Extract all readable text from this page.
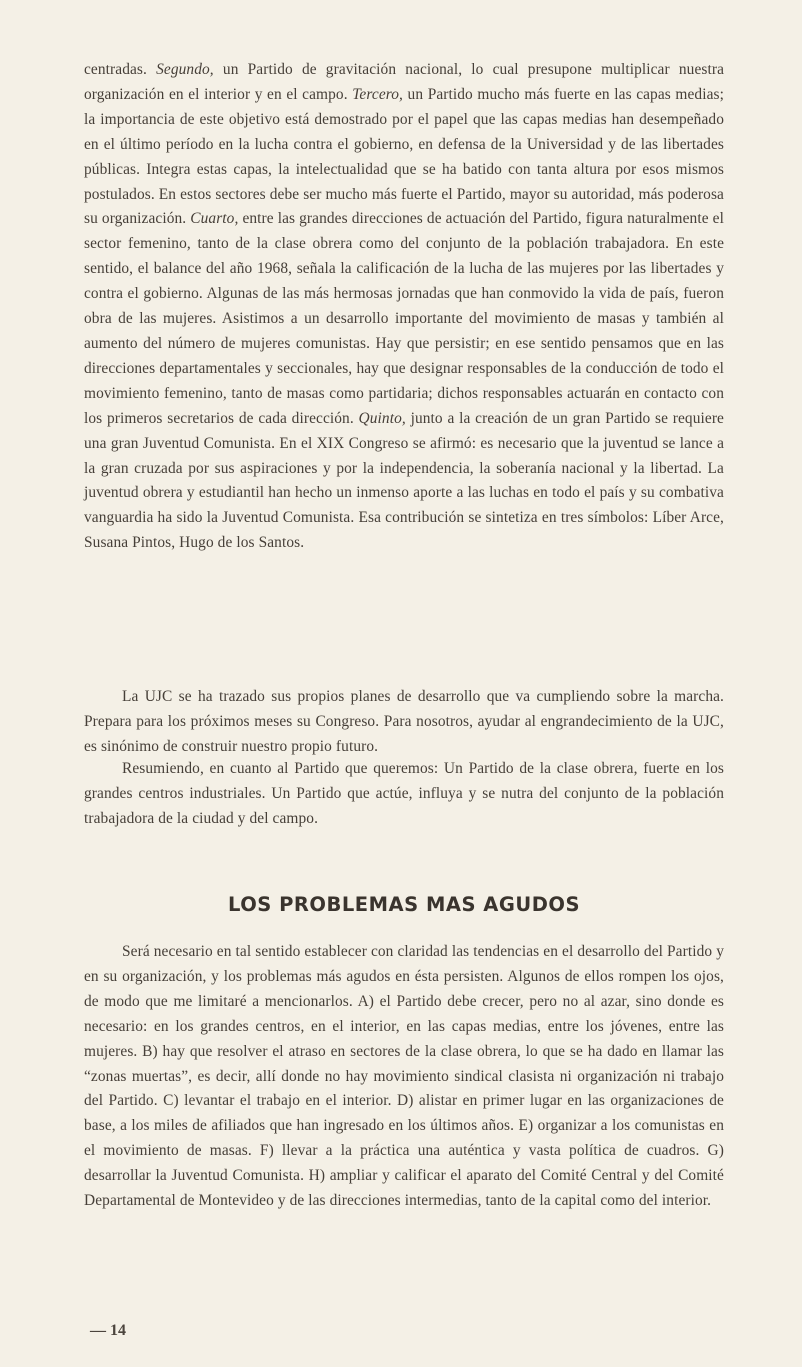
centradas. Segundo, un Partido de gravitación nacional, lo cual presupone multiplicar nuestra organización en el interior y en el campo. Tercero, un Partido mucho más fuerte en las capas medias; la importancia de este objetivo está demostrado por el papel que las capas medias han desempeñado en el último período en la lucha contra el gobierno, en defensa de la Universidad y de las libertades públicas. Integra estas capas, la intelectualidad que se ha batido con tanta altura por esos mismos postulados. En estos sectores debe ser mucho más fuerte el Partido, mayor su autoridad, más poderosa su organización. Cuarto, entre las grandes direcciones de actuación del Partido, figura naturalmente el sector femenino, tanto de la clase obrera como del conjunto de la población trabajadora. En este sentido, el balance del año 1968, señala la calificación de la lucha de las mujeres por las libertades y contra el gobierno. Algunas de las más hermosas jornadas que han conmovido la vida de país, fueron obra de las mujeres. Asistimos a un desarrollo importante del movimiento de masas y también al aumento del número de mujeres comunistas. Hay que persistir; en ese sentido pensamos que en las direcciones departamentales y seccionales, hay que designar responsables de la conducción de todo el movimiento femenino, tanto de masas como partidaria; dichos responsables actuarán en contacto con los primeros secretarios de cada dirección. Quinto, junto a la creación de un gran Partido se requiere una gran Juventud Comunista. En el XIX Congreso se afirmó: es necesario que la juventud se lance a la gran cruzada por sus aspiraciones y por la independencia, la soberanía nacional y la libertad. La juventud obrera y estudiantil han hecho un inmenso aporte a las luchas en todo el país y su combativa vanguardia ha sido la Juventud Comunista. Esa contribución se sintetiza en tres símbolos: Líber Arce, Susana Pintos, Hugo de los Santos.

La UJC se ha trazado sus propios planes de desarrollo que va cumpliendo sobre la marcha. Prepara para los próximos meses su Congreso. Para nosotros, ayudar al engrandecimiento de la UJC, es sinónimo de construir nuestro propio futuro.

Resumiendo, en cuanto al Partido que queremos: Un Partido de la clase obrera, fuerte en los grandes centros industriales. Un Partido que actúe, influya y se nutra del conjunto de la población trabajadora de la ciudad y del campo.

LOS PROBLEMAS MAS AGUDOS

Será necesario en tal sentido establecer con claridad las tendencias en el desarrollo del Partido y en su organización, y los problemas más agudos en ésta persisten. Algunos de ellos rompen los ojos, de modo que me limitaré a mencionarlos. A) el Partido debe crecer, pero no al azar, sino donde es necesario: en los grandes centros, en el interior, en las capas medias, entre los jóvenes, entre las mujeres. B) hay que resolver el atraso en sectores de la clase obrera, lo que se ha dado en llamar las “zonas muertas”, es decir, allí donde no hay movimiento sindical clasista ni organización ni trabajo del Partido. C) levantar el trabajo en el interior. D) alistar en primer lugar en las organizaciones de base, a los miles de afiliados que han ingresado en los últimos años. E) organizar a los comunistas en el movimiento de masas. F) llevar a la práctica una auténtica y vasta política de cuadros. G) desarrollar la Juventud Comunista. H) ampliar y calificar el aparato del Comité Central y del Comité Departamental de Montevideo y de las direcciones intermedias, tanto de la capital como del interior.

— 14
